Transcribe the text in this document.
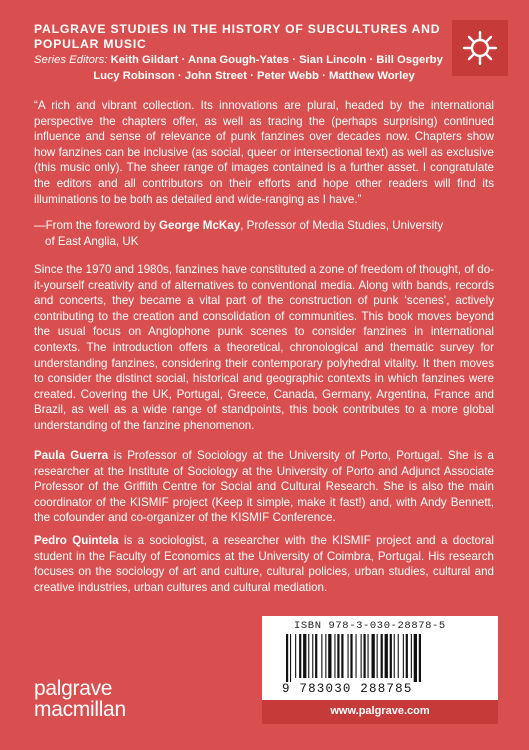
PALGRAVE STUDIES IN THE HISTORY OF SUBCULTURES AND POPULAR MUSIC
Series Editors: Keith Gildart · Anna Gough-Yates · Sian Lincoln · Bill Osgerby
Lucy Robinson · John Street · Peter Webb · Matthew Worley
“A rich and vibrant collection. Its innovations are plural, headed by the international perspective the chapters offer, as well as tracing the (perhaps surprising) continued influence and sense of relevance of punk fanzines over decades now. Chapters show how fanzines can be inclusive (as social, queer or intersectional text) as well as exclusive (this music only). The sheer range of images contained is a further asset. I congratulate the editors and all contributors on their efforts and hope other readers will find its illuminations to be both as detailed and wide-ranging as I have.”
—From the foreword by George McKay, Professor of Media Studies, University
of East Anglia, UK
Since the 1970 and 1980s, fanzines have constituted a zone of freedom of thought, of do-it-yourself creativity and of alternatives to conventional media. Along with bands, records and concerts, they became a vital part of the construction of punk ‘scenes’, actively contributing to the creation and consolidation of communities. This book moves beyond the usual focus on Anglophone punk scenes to consider fanzines in international contexts. The introduction offers a theoretical, chronological and thematic survey for understanding fanzines, considering their contemporary polyhedral vitality. It then moves to consider the distinct social, historical and geographic contexts in which fanzines were created. Covering the UK, Portugal, Greece, Canada, Germany, Argentina, France and Brazil, as well as a wide range of standpoints, this book contributes to a more global understanding of the fanzine phenomenon.
Paula Guerra is Professor of Sociology at the University of Porto, Portugal. She is a researcher at the Institute of Sociology at the University of Porto and Adjunct Associate Professor of the Griffith Centre for Social and Cultural Research. She is also the main coordinator of the KISMIF project (Keep it simple, make it fast!) and, with Andy Bennett, the cofounder and co-organizer of the KISMIF Conference.
Pedro Quintela is a sociologist, a researcher with the KISMIF project and a doctoral student in the Faculty of Economics at the University of Coimbra, Portugal. His research focuses on the sociology of art and culture, cultural policies, urban studies, cultural and creative industries, urban cultures and cultural mediation.
palgrave
macmillan
ISBN 978-3-030-28878-5
9 783030 288785
www.palgrave.com
